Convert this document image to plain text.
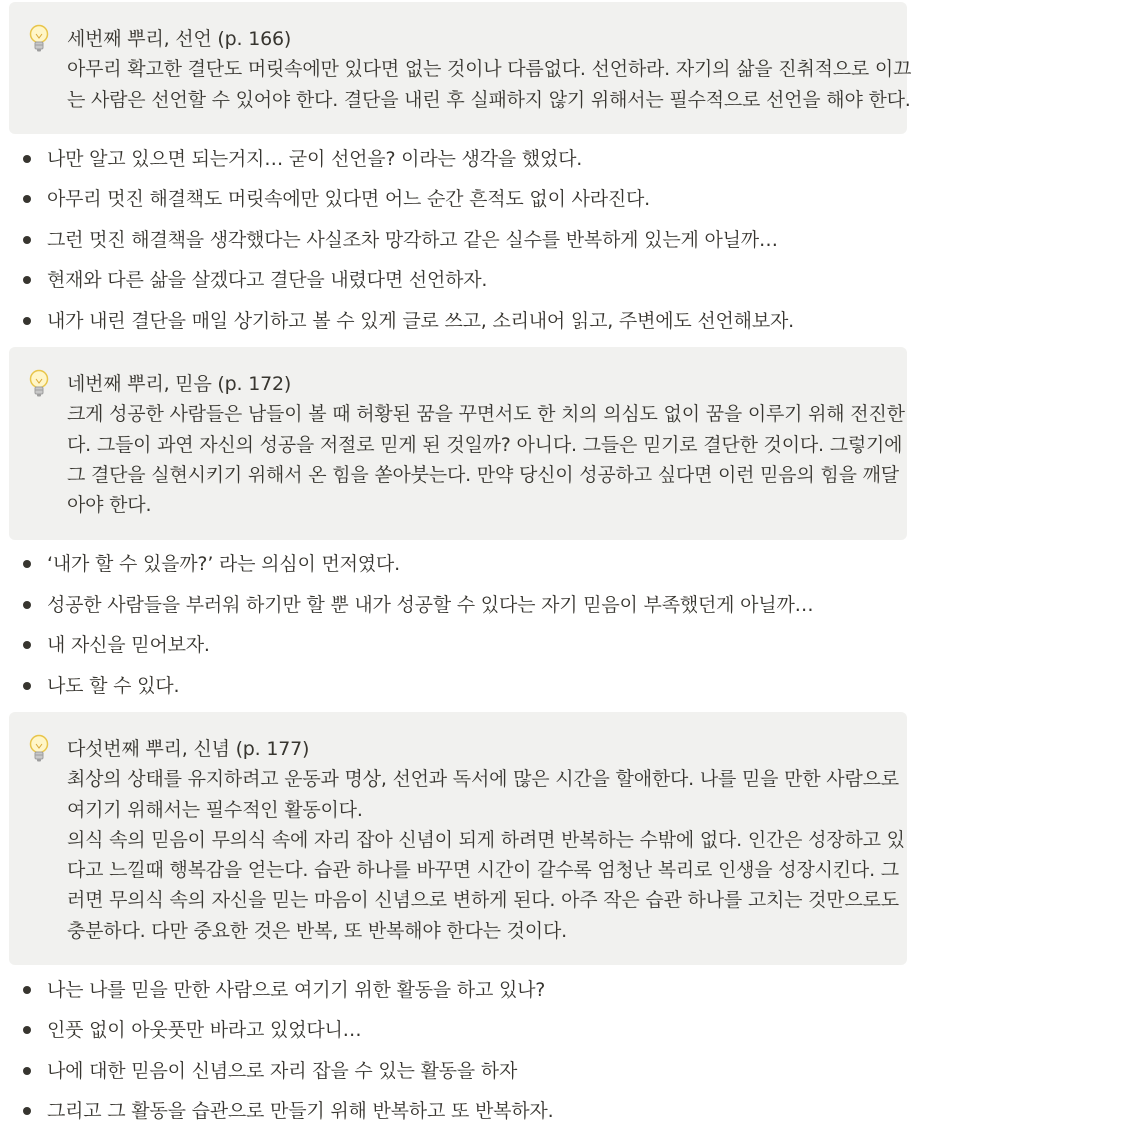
세번째 뿌리, 선언 (p. 166)
아무리 확고한 결단도 머릿속에만 있다면 없는 것이나 다름없다. 선언하라. 자기의 삶을 진취적으로 이끄
는 사람은 선언할 수 있어야 한다. 결단을 내린 후 실패하지 않기 위해서는 필수적으로 선언을 해야 한다.
나만 알고 있으면 되는거지… 굳이 선언을? 이라는 생각을 했었다.
아무리 멋진 해결책도 머릿속에만 있다면 어느 순간 흔적도 없이 사라진다.
그런 멋진 해결책을 생각했다는 사실조차 망각하고 같은 실수를 반복하게 있는게 아닐까…
현재와 다른 삶을 살겠다고 결단을 내렸다면 선언하자.
내가 내린 결단을 매일 상기하고 볼 수 있게 글로 쓰고, 소리내어 읽고, 주변에도 선언해보자.
네번째 뿌리, 믿음 (p. 172)
크게 성공한 사람들은 남들이 볼 때 허황된 꿈을 꾸면서도 한 치의 의심도 없이 꿈을 이루기 위해 전진한
다. 그들이 과연 자신의 성공을 저절로 믿게 된 것일까? 아니다. 그들은 믿기로 결단한 것이다. 그렇기에
그 결단을 실현시키기 위해서 온 힘을 쏟아붓는다. 만약 당신이 성공하고 싶다면 이런 믿음의 힘을 깨달
아야 한다.
‘내가 할 수 있을까?’ 라는 의심이 먼저였다.
성공한 사람들을 부러워 하기만 할 뿐 내가 성공할 수 있다는 자기 믿음이 부족했던게 아닐까…
내 자신을 믿어보자.
나도 할 수 있다.
다섯번째 뿌리, 신념 (p. 177)
최상의 상태를 유지하려고 운동과 명상, 선언과 독서에 많은 시간을 할애한다. 나를 믿을 만한 사람으로
여기기 위해서는 필수적인 활동이다.
의식 속의 믿음이 무의식 속에 자리 잡아 신념이 되게 하려면 반복하는 수밖에 없다. 인간은 성장하고 있
다고 느낄때 행복감을 얻는다. 습관 하나를 바꾸면 시간이 갈수록 엄청난 복리로 인생을 성장시킨다. 그
러면 무의식 속의 자신을 믿는 마음이 신념으로 변하게 된다. 아주 작은 습관 하나를 고치는 것만으로도
충분하다. 다만 중요한 것은 반복, 또 반복해야 한다는 것이다.
나는 나를 믿을 만한 사람으로 여기기 위한 활동을 하고 있나?
인풋 없이 아웃풋만 바라고 있었다니…
나에 대한 믿음이 신념으로 자리 잡을 수 있는 활동을 하자
그리고 그 활동을 습관으로 만들기 위해 반복하고 또 반복하자.
